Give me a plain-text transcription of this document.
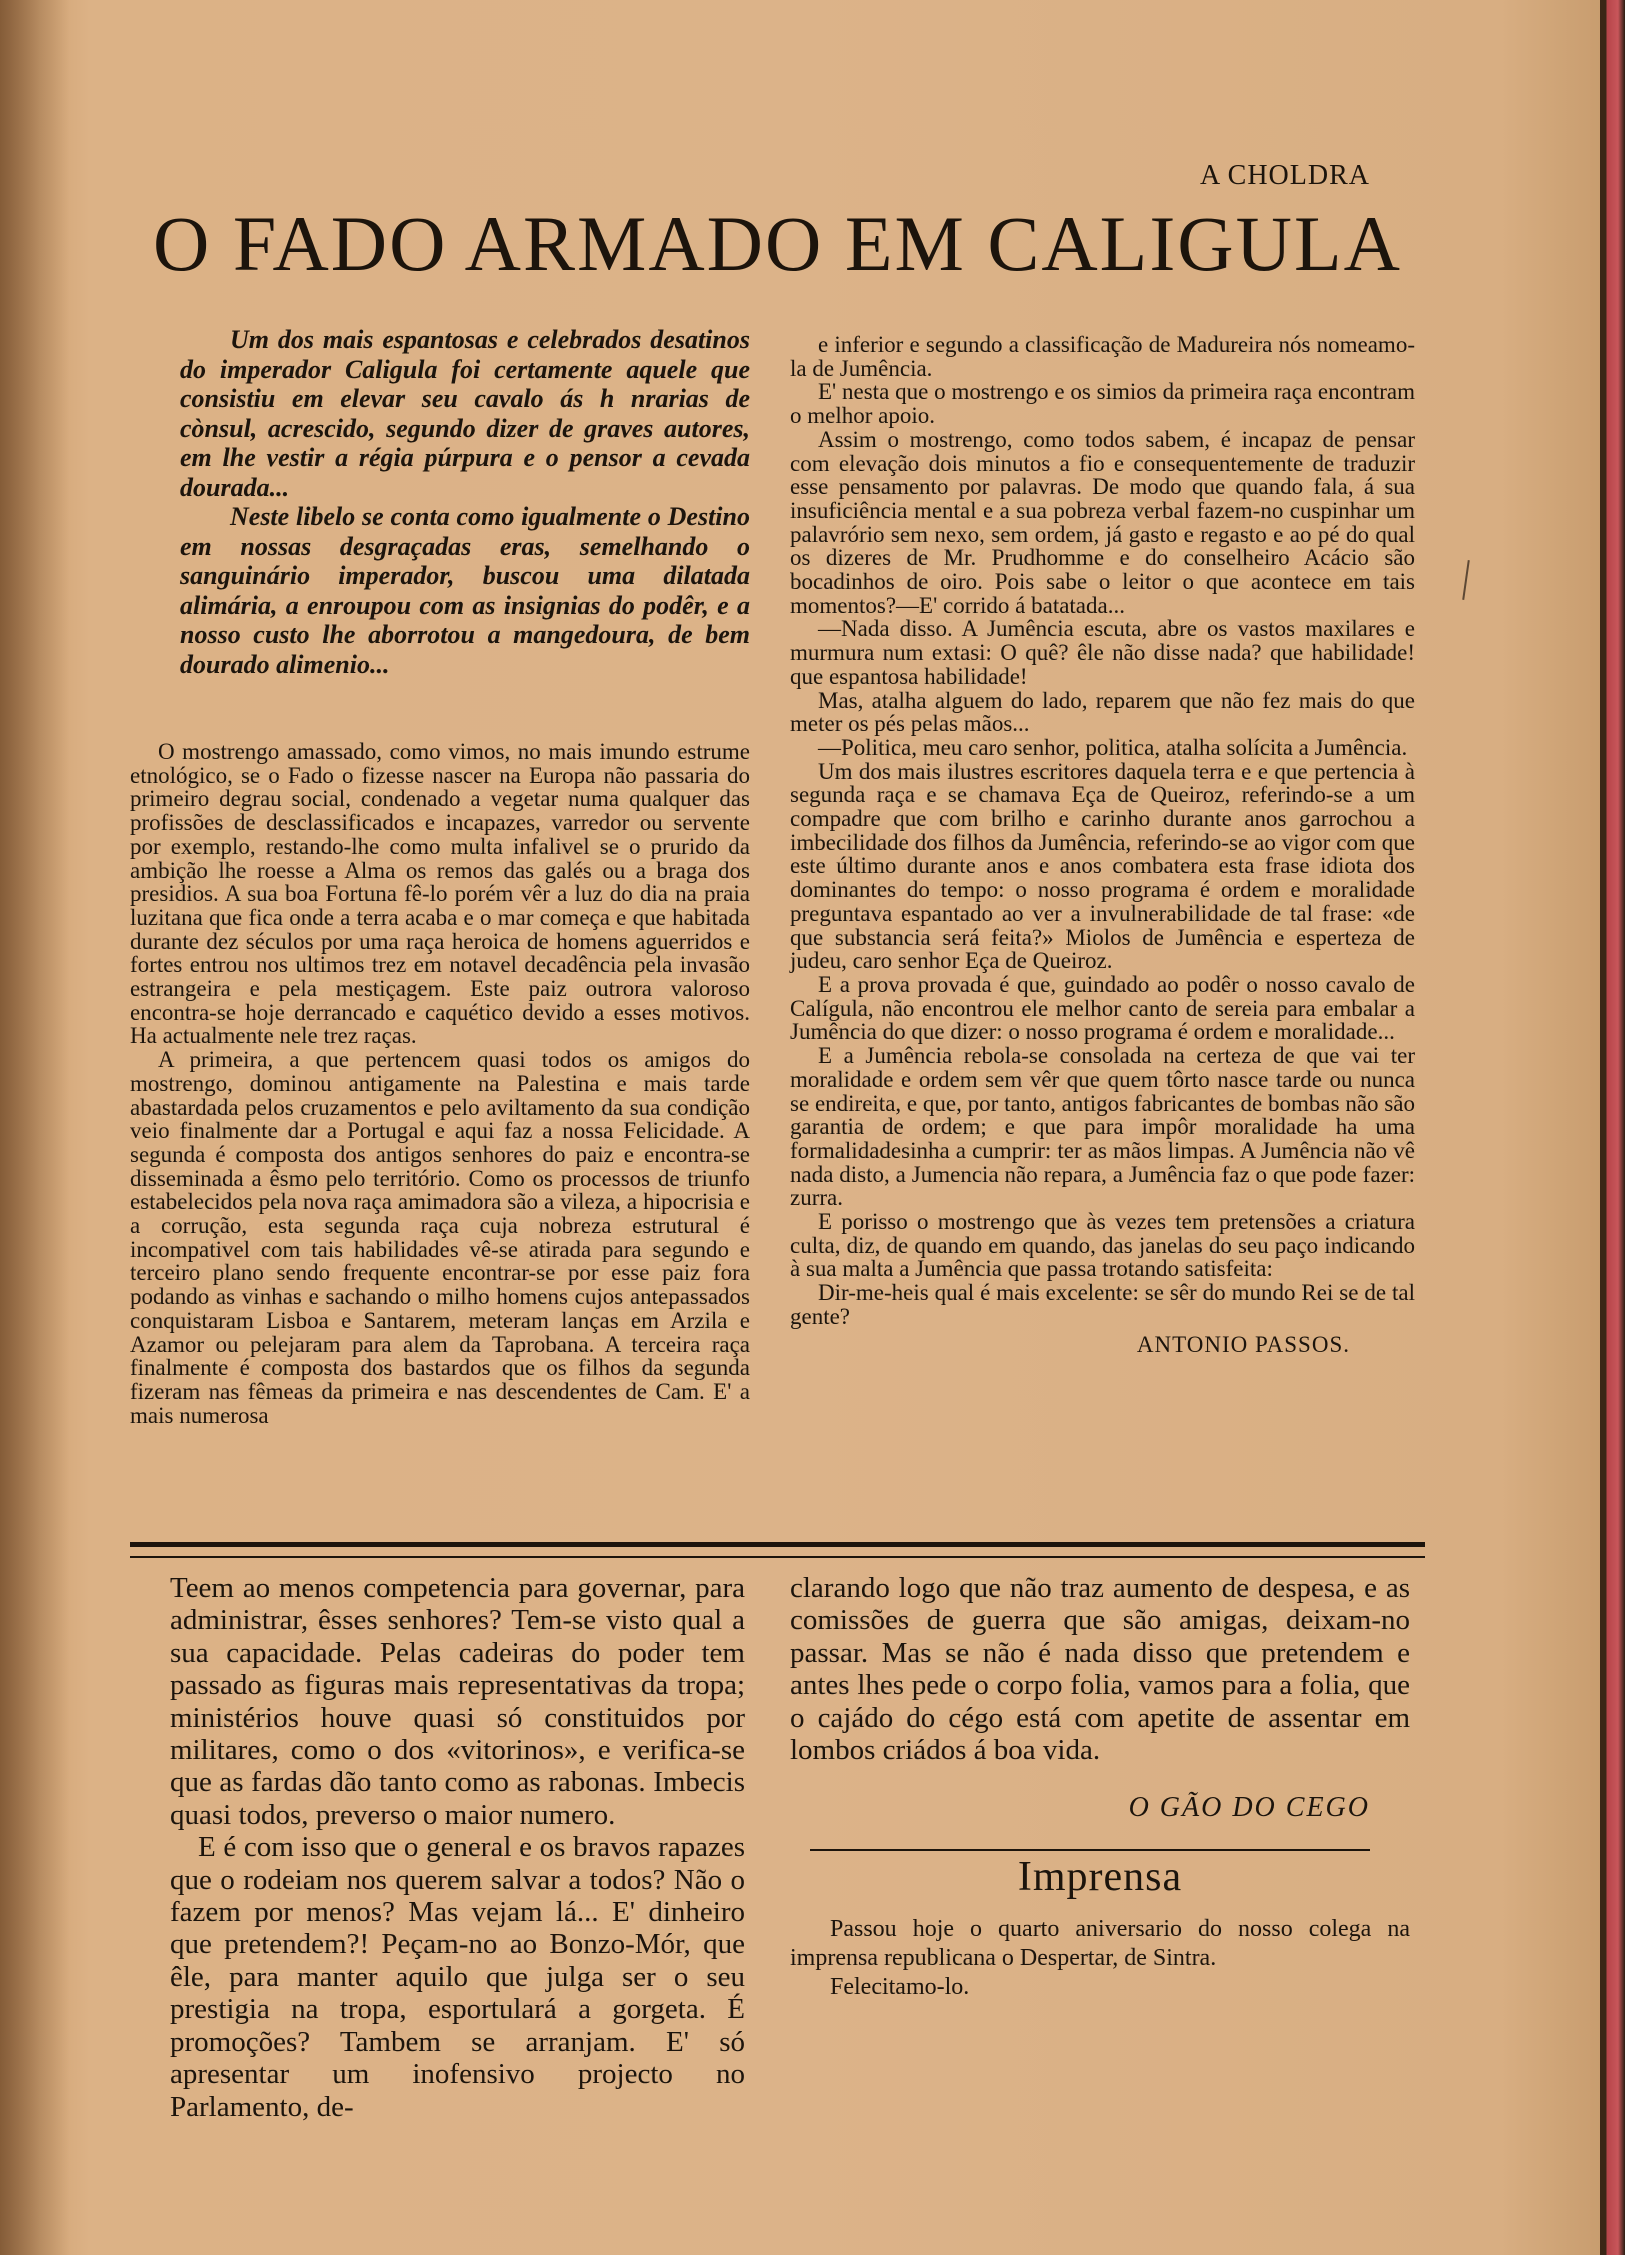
A CHOLDRA
O FADO ARMADO EM CALIGULA

Um dos mais espantosas e celebrados desatinos do imperador Caligula foi certamente aquele que consistiu em elevar seu cavalo ás h nrarias de cònsul, acrescido, segundo dizer de graves autores, em lhe vestir a régia púrpura e o pensor a cevada dourada...

Neste libelo se conta como igualmente o Destino em nossas desgraçadas eras, semelhando o sanguinário imperador, buscou uma dilatada alimária, a enroupou com as insignias do podêr, e a nosso custo lhe aborrotou a mangedoura, de bem dourado alimenio...

O mostrengo amassado, como vimos, no mais imundo estrume etnológico, se o Fado o fizesse nascer na Europa não passaria do primeiro degrau social, condenado a vegetar numa qualquer das profissões de desclassificados e incapazes, varredor ou servente por exemplo, restando-lhe como multa infalivel se o prurido da ambição lhe roesse a Alma os remos das galés ou a braga dos presidios. A sua boa Fortuna fê-lo porém vêr a luz do dia na praia luzitana que fica onde a terra acaba e o mar começa e que habitada durante dez séculos por uma raça heroica de homens aguerridos e fortes entrou nos ultimos trez em notavel decadência pela invasão estrangeira e pela mestiçagem. Este paiz outrora valoroso encontra-se hoje derrancado e caquético devido a esses motivos. Ha actualmente nele trez raças.

A primeira, a que pertencem quasi todos os amigos do mostrengo, dominou antigamente na Palestina e mais tarde abastardada pelos cruzamentos e pelo aviltamento da sua condição veio finalmente dar a Portugal e aqui faz a nossa Felicidade. A segunda é composta dos antigos senhores do paiz e encontra-se disseminada a êsmo pelo território. Como os processos de triunfo estabelecidos pela nova raça amimadora são a vileza, a hipocrisia e a corrução, esta segunda raça cuja nobreza estrutural é incompativel com tais habilidades vê-se atirada para segundo e terceiro plano sendo frequente encontrar-se por esse paiz fora podando as vinhas e sachando o milho homens cujos antepassados conquistaram Lisboa e Santarem, meteram lanças em Arzila e Azamor ou pelejaram para alem da Taprobana. A terceira raça finalmente é composta dos bastardos que os filhos da segunda fizeram nas fêmeas da primeira e nas descendentes de Cam. E' a mais numerosa

e inferior e segundo a classificação de Madureira nós nomeamo-la de Jumência.

E' nesta que o mostrengo e os simios da primeira raça encontram o melhor apoio.

Assim o mostrengo, como todos sabem, é incapaz de pensar com elevação dois minutos a fio e consequentemente de traduzir esse pensamento por palavras. De modo que quando fala, á sua insuficiência mental e a sua pobreza verbal fazem-no cuspinhar um palavrório sem nexo, sem ordem, já gasto e regasto e ao pé do qual os dizeres de Mr. Prudhomme e do conselheiro Acácio são bocadinhos de oiro. Pois sabe o leitor o que acontece em tais momentos?—E' corrido á batatada...

—Nada disso. A Jumência escuta, abre os vastos maxilares e murmura num extasi: O quê? êle não disse nada? que habilidade! que espantosa habilidade!

Mas, atalha alguem do lado, reparem que não fez mais do que meter os pés pelas mãos...

—Politica, meu caro senhor, politica, atalha solícita a Jumência.

Um dos mais ilustres escritores daquela terra e e que pertencia à segunda raça e se chamava Eça de Queiroz, referindo-se a um compadre que com brilho e carinho durante anos garrochou a imbecilidade dos filhos da Jumência, referindo-se ao vigor com que este último durante anos e anos combatera esta frase idiota dos dominantes do tempo: o nosso programa é ordem e moralidade preguntava espantado ao ver a invulnerabilidade de tal frase: «de que substancia será feita?» Miolos de Jumência e esperteza de judeu, caro senhor Eça de Queiroz.

E a prova provada é que, guindado ao podêr o nosso cavalo de Calígula, não encontrou ele melhor canto de sereia para embalar a Jumência do que dizer: o nosso programa é ordem e moralidade...

E a Jumência rebola-se consolada na certeza de que vai ter moralidade e ordem sem vêr que quem tôrto nasce tarde ou nunca se endireita, e que, por tanto, antigos fabricantes de bombas não são garantia de ordem; e que para impôr moralidade ha uma formalidadesinha a cumprir: ter as mãos limpas. A Jumência não vê nada disto, a Jumencia não repara, a Jumência faz o que pode fazer: zurra.

E porisso o mostrengo que às vezes tem pretensões a criatura culta, diz, de quando em quando, das janelas do seu paço indicando à sua malta a Jumência que passa trotando satisfeita:

Dir-me-heis qual é mais excelente: se sêr do mundo Rei se de tal gente?

ANTONIO PASSOS.

Teem ao menos competencia para governar, para administrar, êsses senhores? Tem-se visto qual a sua capacidade. Pelas cadeiras do poder tem passado as figuras mais representativas da tropa; ministérios houve quasi só constituidos por militares, como o dos «vitorinos», e verifica-se que as fardas dão tanto como as rabonas. Imbecis quasi todos, preverso o maior numero.

E é com isso que o general e os bravos rapazes que o rodeiam nos querem salvar a todos? Não o fazem por menos? Mas vejam lá... E' dinheiro que pretendem?! Peçam-no ao Bonzo-Mór, que êle, para manter aquilo que julga ser o seu prestigia na tropa, esportulará a gorgeta. É promoções? Tambem se arranjam. E' só apresentar um inofensivo projecto no Parlamento, de-

clarando logo que não traz aumento de despesa, e as comissões de guerra que são amigas, deixam-no passar. Mas se não é nada disso que pretendem e antes lhes pede o corpo folia, vamos para a folia, que o cajádo do cégo está com apetite de assentar em lombos criádos á boa vida.

O GÃO DO CEGO
Imprensa

Passou hoje o quarto aniversario do nosso colega na imprensa republicana o Despertar, de Sintra.

Felecitamo-lo.
